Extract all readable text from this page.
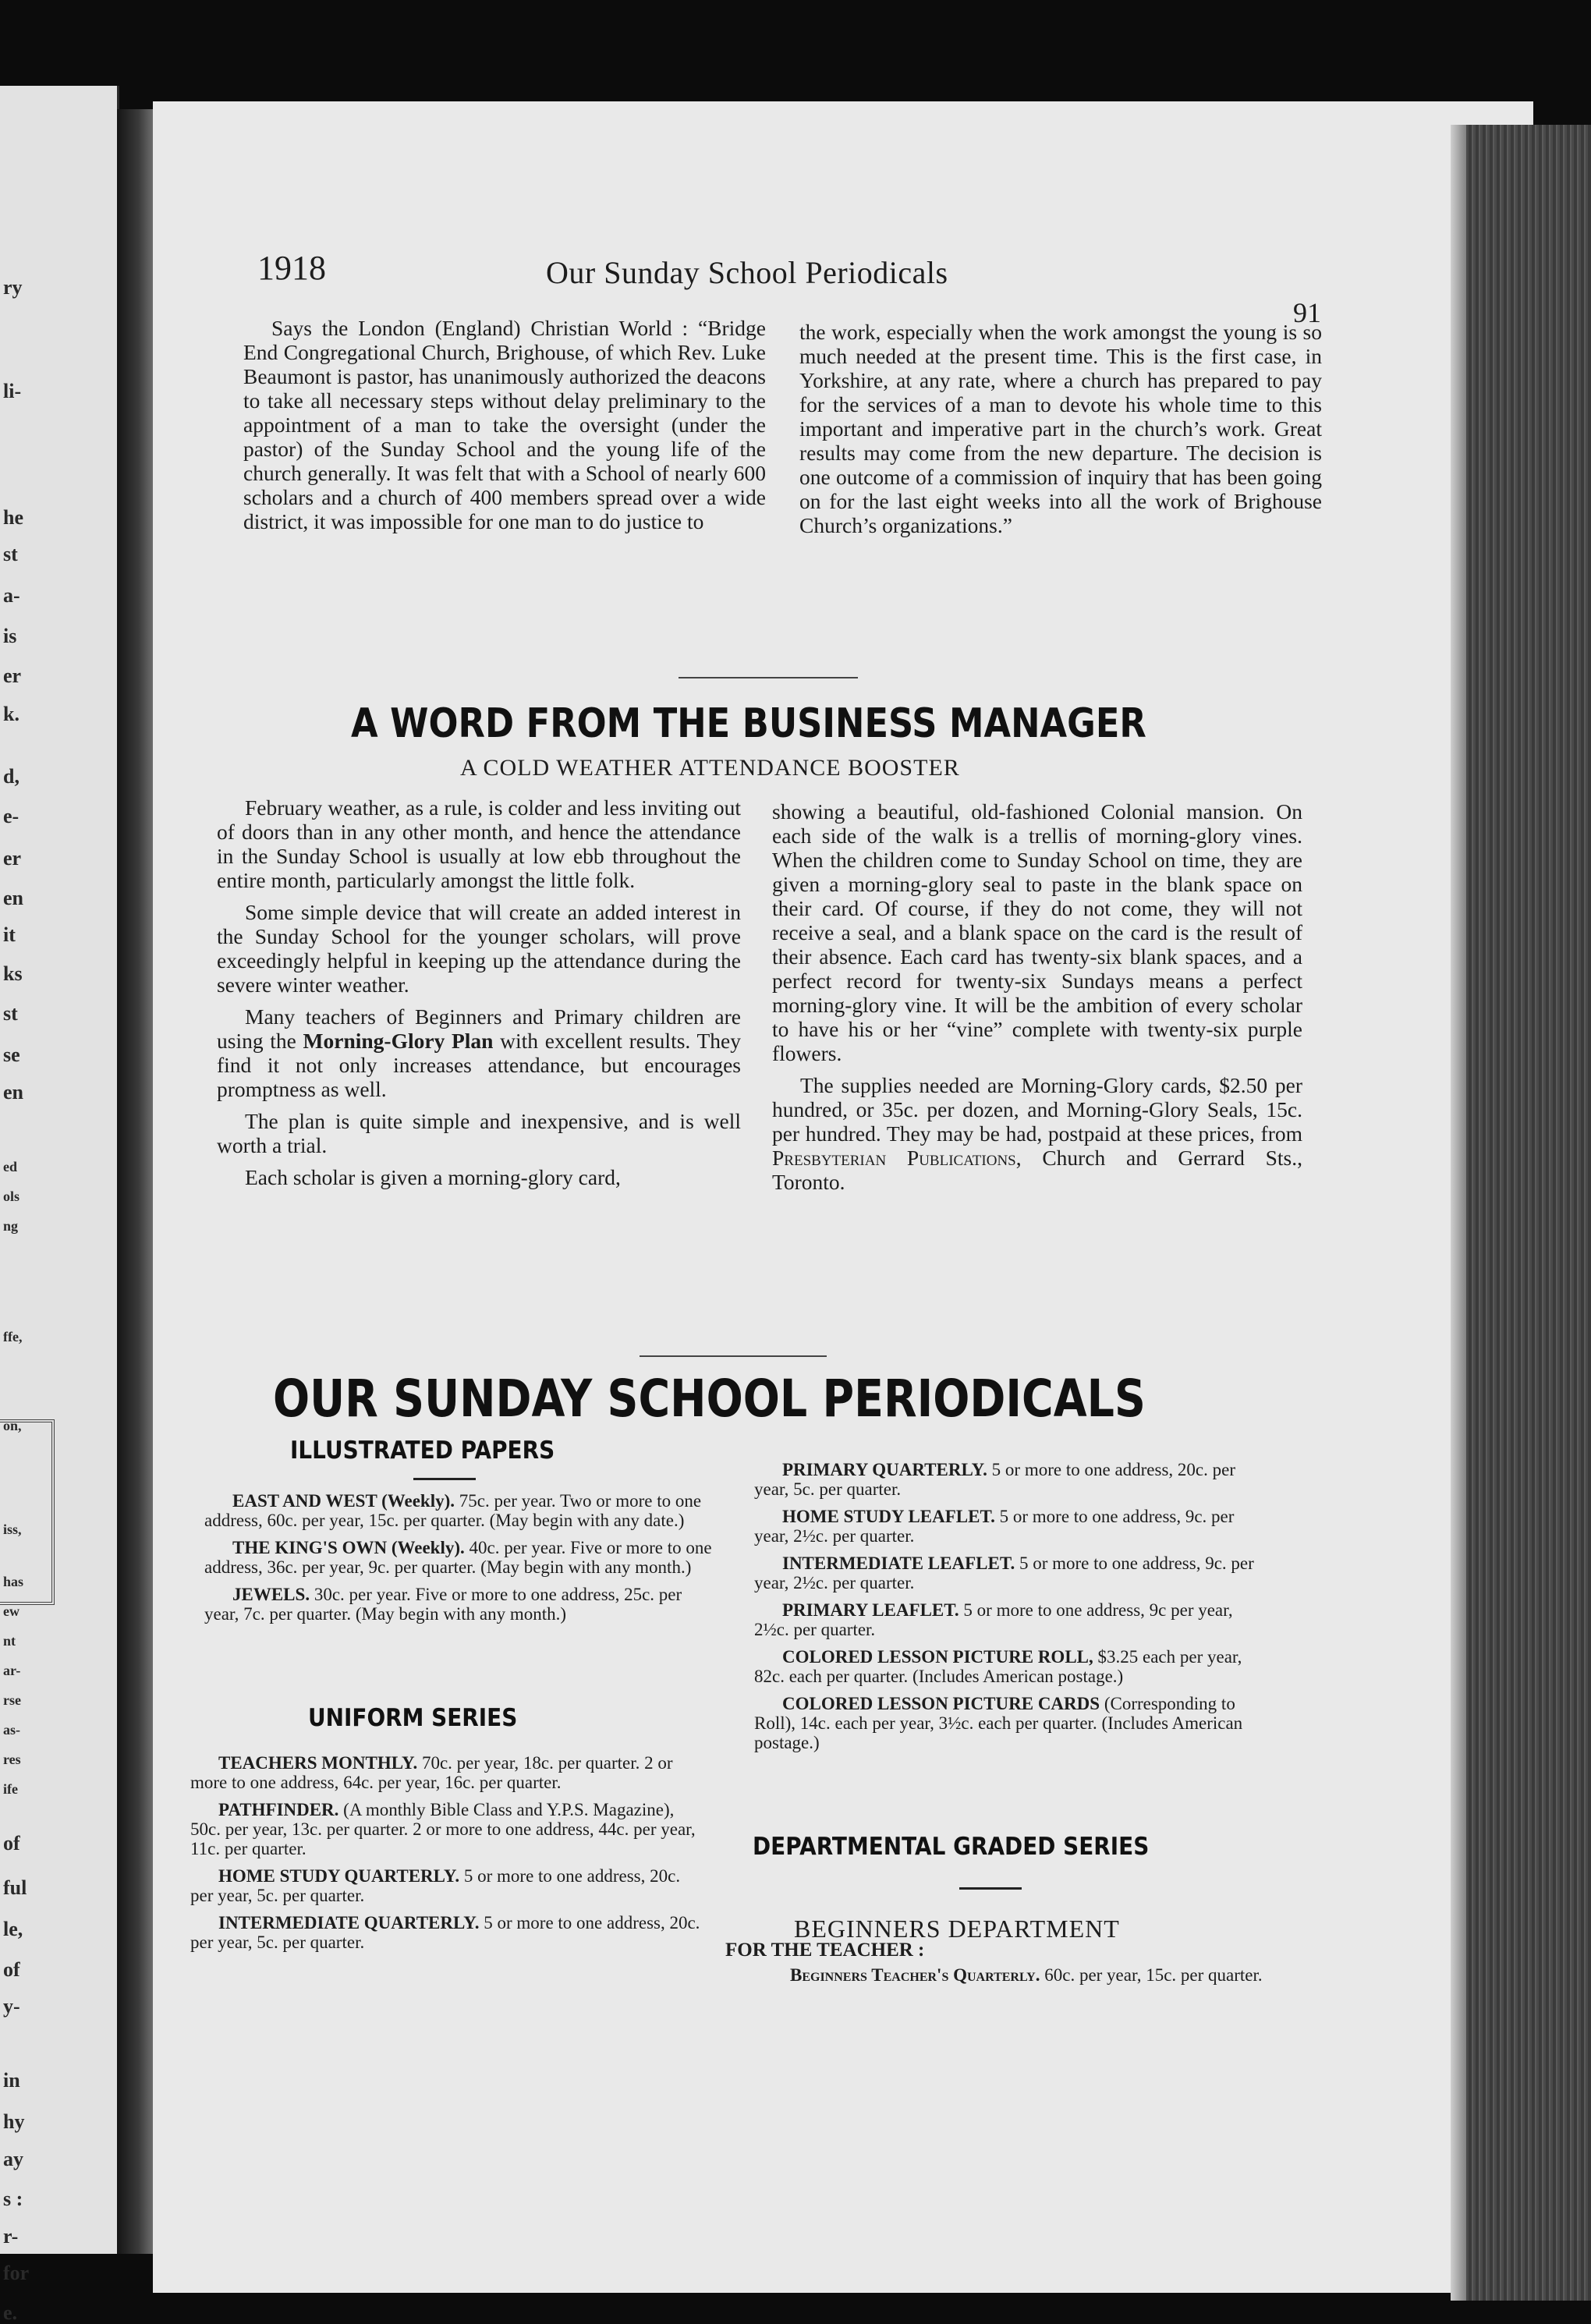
ry
li-
he
st
a-
is
er
k.
d,
e-
er
en
it
ks
st
se
en
ed
ols
ng
ffe,
on,
iss,
has
ew
nt
ar-
rse
as-
res
ife
of
ful
le,
of
y-
in
hy
ay
s :
r-
for
e.
1918	Our Sunday School Periodicals
91

Says the London (England) Christian World : “Bridge End Congregational Church, Brighouse, of which Rev. Luke Beaumont is pastor, has unanimously authorized the deacons to take all necessary steps without delay preliminary to the appointment of a man to take the oversight (under the pastor) of the Sunday School and the young life of the church generally. It was felt that with a School of nearly 600 scholars and a church of 400 members spread over a wide district, it was impossible for one man to do justice to

the work, especially when the work amongst the young is so much needed at the present time. This is the first case, in Yorkshire, at any rate, where a church has prepared to pay for the services of a man to devote his whole time to this important and imperative part in the church’s work. Great results may come from the new departure. The decision is one outcome of a commission of inquiry that has been going on for the last eight weeks into all the work of Brighouse Church’s organizations.”

A WORD FROM THE BUSINESS MANAGER
A COLD WEATHER ATTENDANCE BOOSTER

February weather, as a rule, is colder and less inviting out of doors than in any other month, and hence the attendance in the Sunday School is usually at low ebb throughout the entire month, particularly amongst the little folk.

Some simple device that will create an added interest in the Sunday School for the younger scholars, will prove exceedingly helpful in keeping up the attendance during the severe winter weather.

Many teachers of Beginners and Primary children are using the Morning-Glory Plan with excellent results. They find it not only increases attendance, but encourages promptness as well.

The plan is quite simple and inexpensive, and is well worth a trial.

Each scholar is given a morning-glory card,

showing a beautiful, old-fashioned Colonial mansion. On each side of the walk is a trellis of morning-glory vines. When the children come to Sunday School on time, they are given a morning-glory seal to paste in the blank space on their card. Of course, if they do not come, they will not receive a seal, and a blank space on the card is the result of their absence. Each card has twenty-six blank spaces, and a perfect record for twenty-six Sundays means a perfect morning-glory vine. It will be the ambition of every scholar to have his or her “vine” complete with twenty-six purple flowers.

The supplies needed are Morning-Glory cards, $2.50 per hundred, or 35c. per dozen, and Morning-Glory Seals, 15c. per hundred. They may be had, postpaid at these prices, from Presbyterian Publications, Church and Gerrard Sts., Toronto.

OUR SUNDAY SCHOOL PERIODICALS
ILLUSTRATED PAPERS

EAST AND WEST (Weekly). 75c. per year. Two or more to one address, 60c. per year, 15c. per quarter. (May begin with any date.)

THE KING'S OWN (Weekly). 40c. per year. Five or more to one address, 36c. per year, 9c. per quarter. (May begin with any month.)

JEWELS. 30c. per year. Five or more to one address, 25c. per year, 7c. per quarter. (May begin with any month.)

UNIFORM SERIES

TEACHERS MONTHLY. 70c. per year, 18c. per quarter. 2 or more to one address, 64c. per year, 16c. per quarter.

PATHFINDER. (A monthly Bible Class and Y.P.S. Magazine), 50c. per year, 13c. per quarter. 2 or more to one address, 44c. per year, 11c. per quarter.

HOME STUDY QUARTERLY. 5 or more to one address, 20c. per year, 5c. per quarter.

INTERMEDIATE QUARTERLY. 5 or more to one address, 20c. per year, 5c. per quarter.

PRIMARY QUARTERLY. 5 or more to one address, 20c. per year, 5c. per quarter.

HOME STUDY LEAFLET. 5 or more to one address, 9c. per year, 2½c. per quarter.

INTERMEDIATE LEAFLET. 5 or more to one address, 9c. per year, 2½c. per quarter.

PRIMARY LEAFLET. 5 or more to one address, 9c per year, 2½c. per quarter.

COLORED LESSON PICTURE ROLL, $3.25 each per year, 82c. each per quarter. (Includes American postage.)

COLORED LESSON PICTURE CARDS (Corresponding to Roll), 14c. each per year, 3½c. each per quarter. (Includes American postage.)

DEPARTMENTAL GRADED SERIES
BEGINNERS DEPARTMENT
FOR THE TEACHER :

Beginners Teacher's Quarterly. 60c. per year, 15c. per quarter.
